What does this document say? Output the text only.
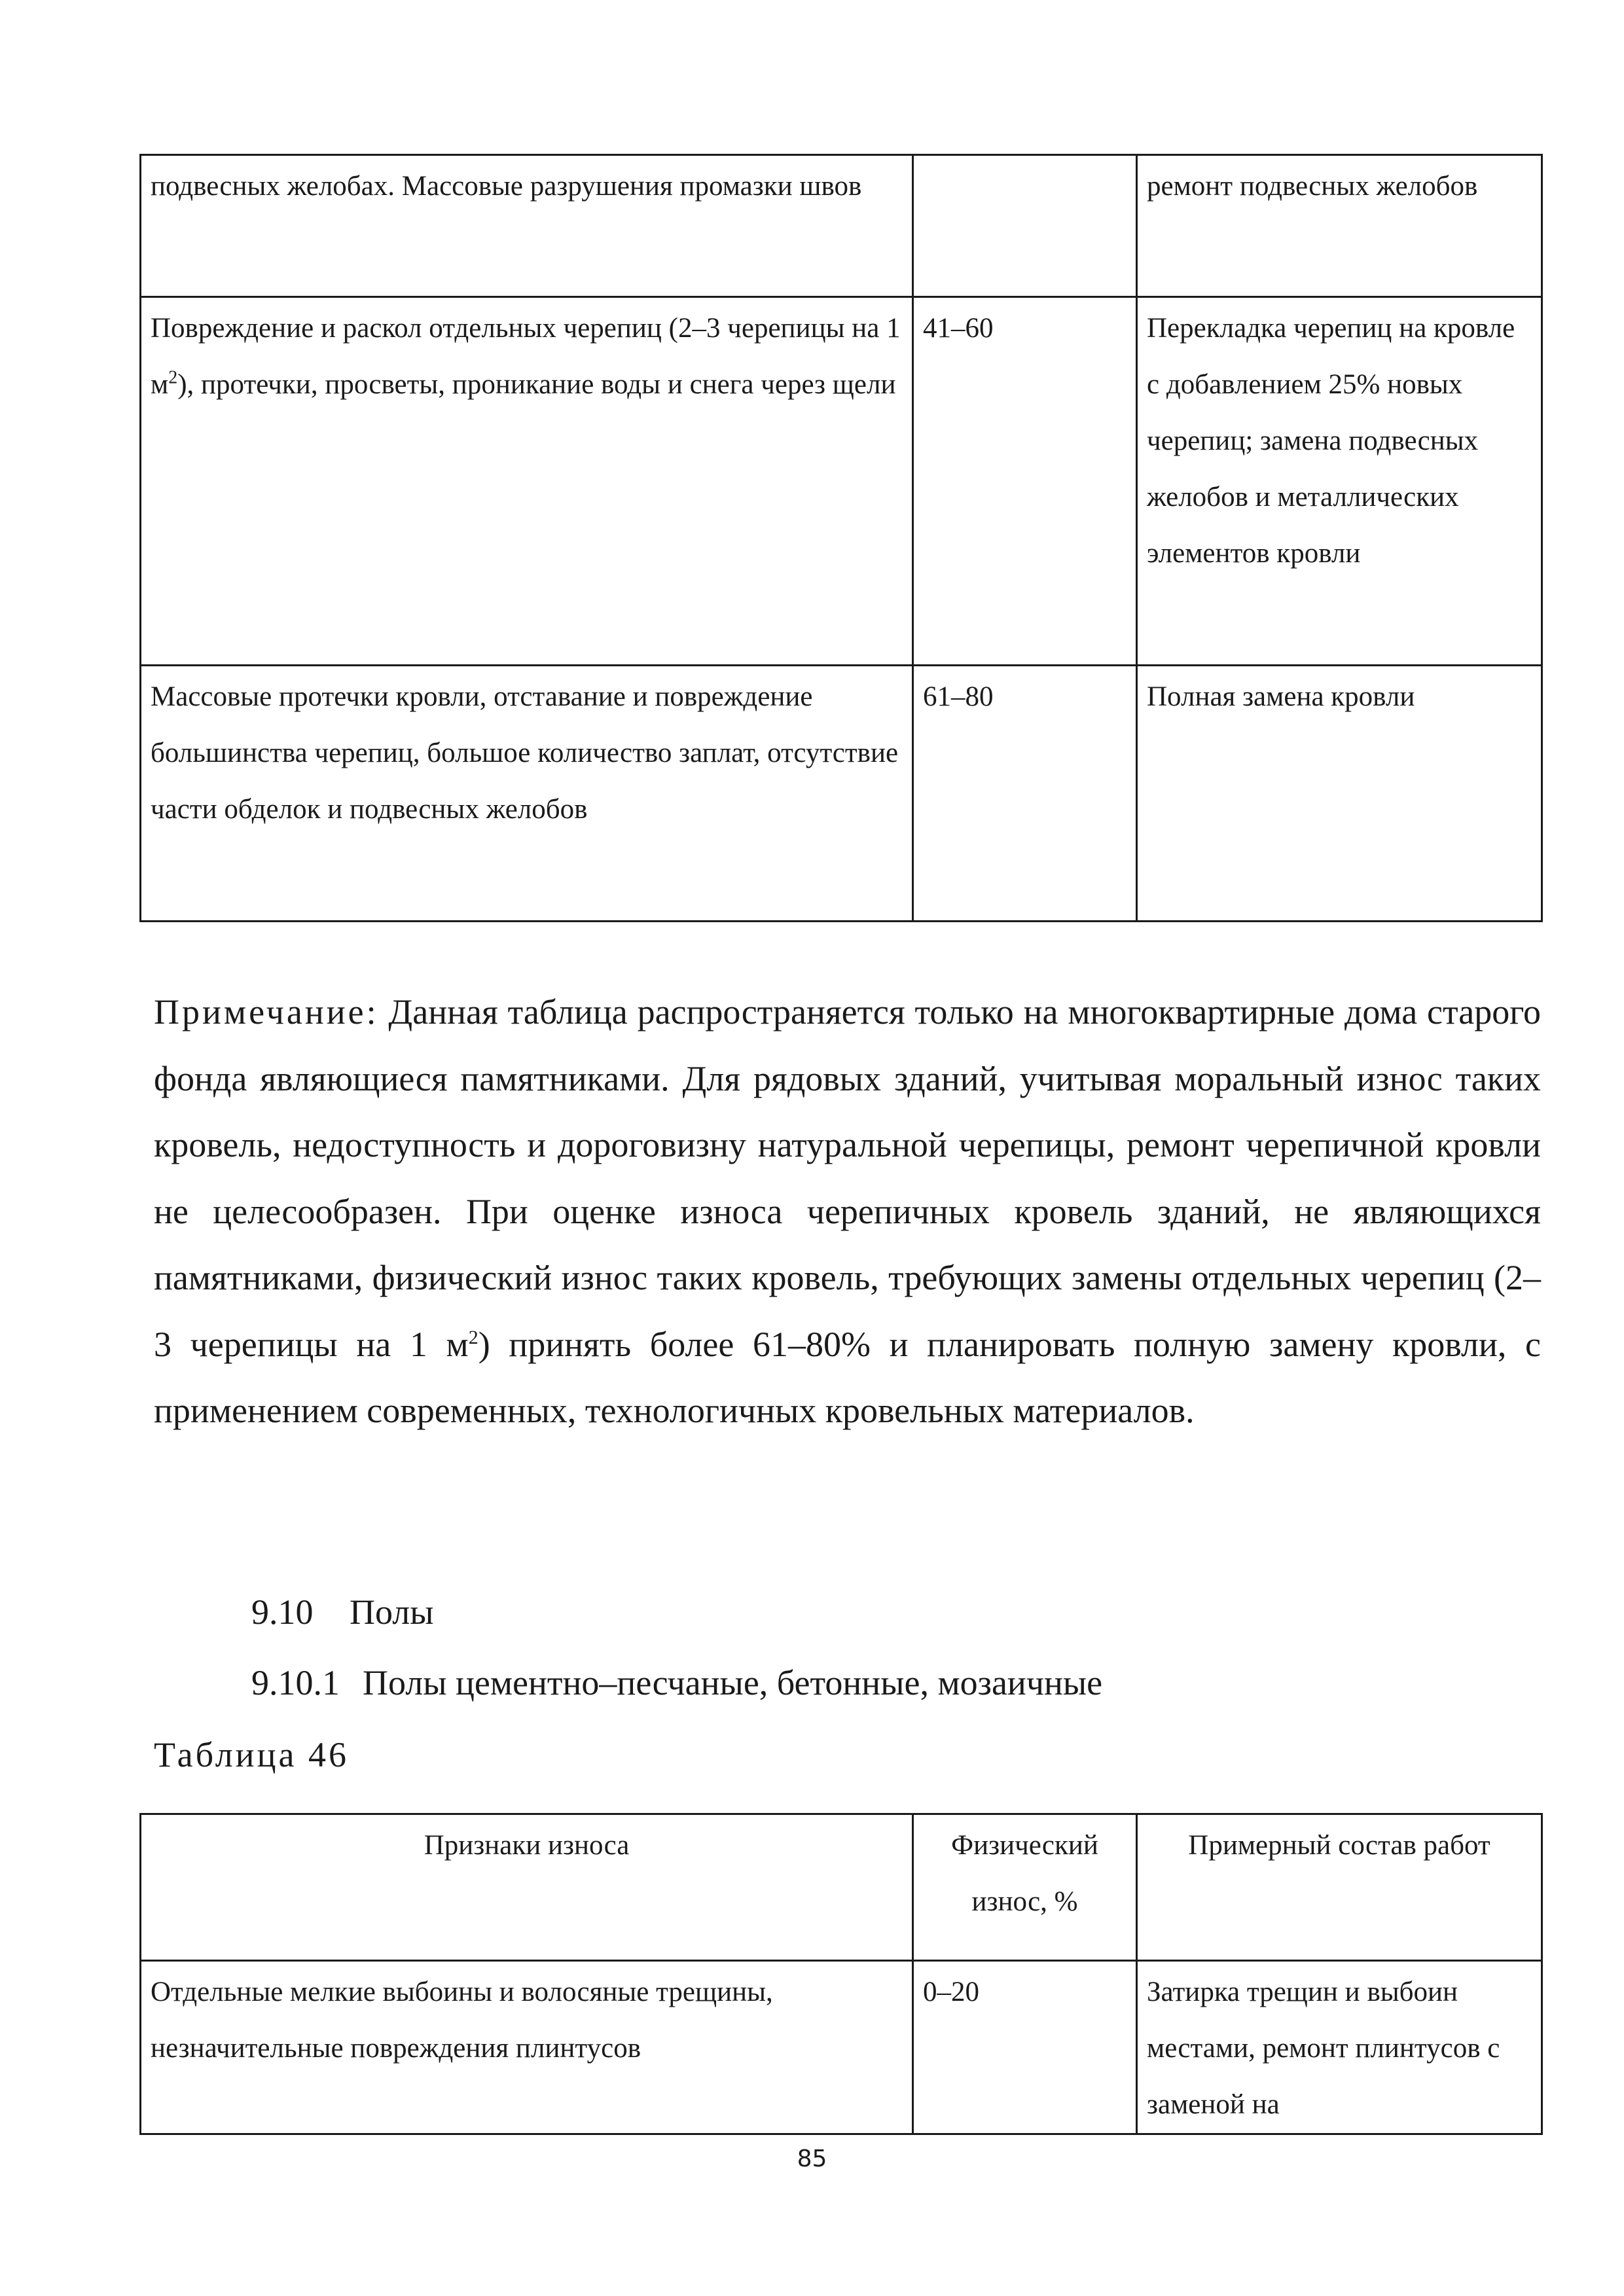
подвесных желобах. Массовые разрушения промазки швов		ремонт подвесных желобов
Повреждение и раскол отдельных черепиц (2–3 черепицы на 1 $м^2$), протечки, просветы, проникание воды и снега через щели	41–60	Перекладка черепиц на кровле с добавлением 25% новых черепиц; замена подвесных желобов и металлических элементов кровли
Массовые протечки кровли, отставание и повреждение большинства черепиц, большое количество заплат, отсутствие части обделок и подвесных желобов	61–80	Полная замена кровли

Примечание: Данная таблица распространяется только на многоквартирные дома старого фонда являющиеся памятниками. Для рядовых зданий, учитывая моральный износ таких кровель, недоступность и дороговизну натуральной черепицы, ремонт черепичной кровли не целесообразен. При оценке износа черепичных кровель зданий, не являющихся памятниками, физический износ таких кровель, требующих замены отдельных черепиц (2–3 черепицы на 1 $м^2$) принять более 61–80% и планировать полную замену кровли, с применением современных, технологичных кровельных материалов.

9.10 Полы

9.10.1 Полы цементно–песчаные, бетонные, мозаичные

Таблица 46

Признаки износа	Физический износ, %	Примерный состав работ
Отдельные мелкие выбоины и волосяные трещины, незначительные повреждения плинтусов	0–20	Затирка трещин и выбоин местами, ремонт плинтусов с заменой на
85
